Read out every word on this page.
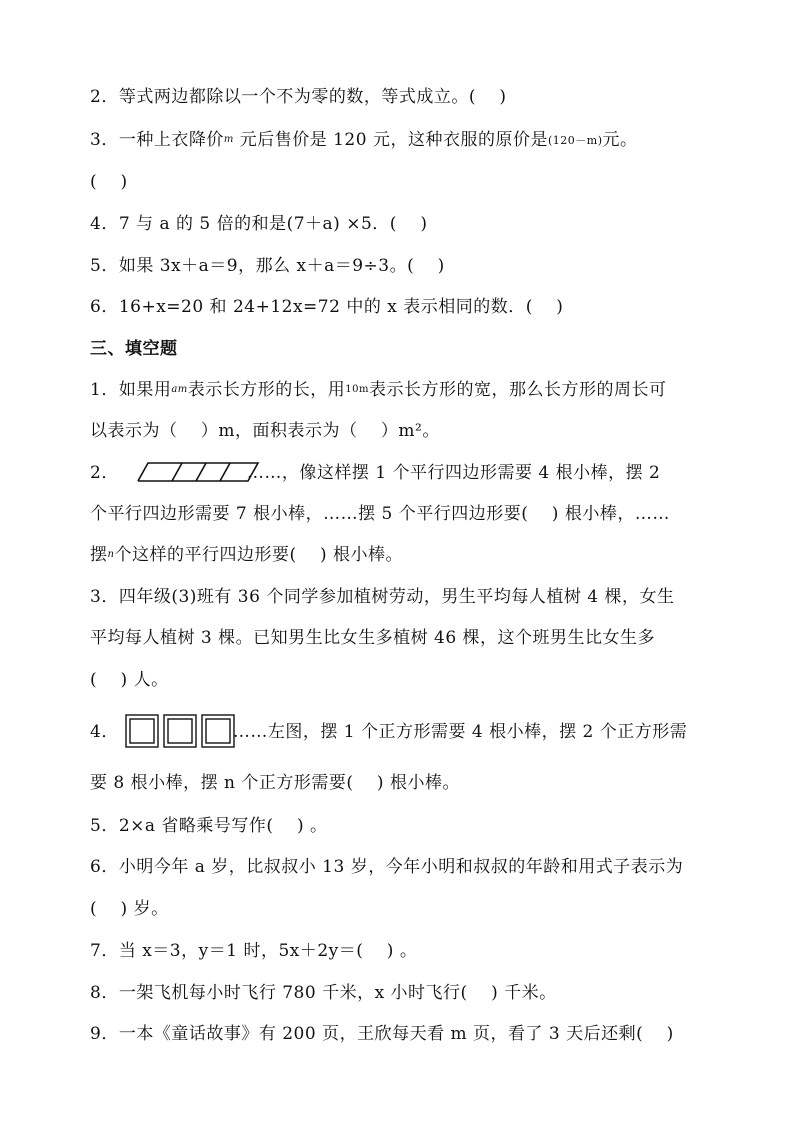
2．等式两边都除以一个不为零的数，等式成立。(　 )
3．一种上衣降价m 元后售价是 120 元，这种衣服的原价是(120－m)元。
(　 )
4．7 与 a 的 5 倍的和是(7＋a) ×5．(　 )
5．如果 3x＋a＝9，那么 x＋a＝9÷3。(　 )
6．16+x=20 和 24+12x=72 中的 x 表示相同的数．(　 )
三、填空题
1．如果用am表示长方形的长，用10m表示长方形的宽，那么长方形的周长可
以表示为（　 ）m，面积表示为（　 ）m²。
2．	……，像这样摆 1 个平行四边形需要 4 根小棒，摆 2
个平行四边形需要 7 根小棒，……摆 5 个平行四边形要(　 ) 根小棒，……
摆n个这样的平行四边形要(　 ) 根小棒。
3．四年级(3)班有 36 个同学参加植树劳动，男生平均每人植树 4 棵，女生
平均每人植树 3 棵。已知男生比女生多植树 46 棵，这个班男生比女生多
(　 ) 人。
4．	……左图，摆 1 个正方形需要 4 根小棒，摆 2 个正方形需
要 8 根小棒，摆 n 个正方形需要(　 ) 根小棒。
5．2×a 省略乘号写作(　 ) 。
6．小明今年 a 岁，比叔叔小 13 岁，今年小明和叔叔的年龄和用式子表示为
(　 ) 岁。
7．当 x＝3，y＝1 时，5x＋2y＝(　 ) 。
8．一架飞机每小时飞行 780 千米，x 小时飞行(　 ) 千米。
9．一本《童话故事》有 200 页，王欣每天看 m 页，看了 3 天后还剩(　 )
